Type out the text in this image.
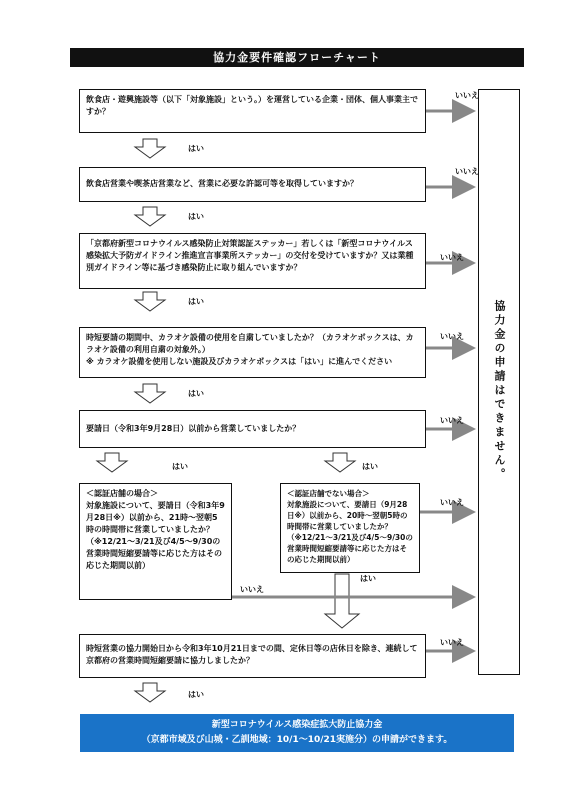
協力金要件確認フローチャート
いいえ
いいえ
いいえ
いいえ
いいえ
いいえ
いいえ
いいえ
はい
はい
はい
はい
はい	はい
はい
はい
飲食店・遊興施設等（以下「対象施設」という。）を運営している企業・団体、個人事業主ですか？
飲食店営業や喫茶店営業など、営業に必要な許認可等を取得していますか？
「京都府新型コロナウイルス感染防止対策認証ステッカー」若しくは「新型コロナウイルス感染拡大予防ガイドライン推進宣言事業所ステッカー」の交付を受けていますか？又は業種別ガイドライン等に基づき感染防止に取り組んでいますか？
時短要請の期間中、カラオケ設備の使用を自粛していましたか？（カラオケボックスは、カラオケ設備の利用自粛の対象外。）
※ カラオケ設備を使用しない施設及びカラオケボックスは「はい」に進んでください
要請日（令和3年9月28日）以前から営業していましたか？
＜認証店舗の場合＞
対象施設について、要請日（令和3年9月28日※）以前から、21時～翌朝5時の時間帯に営業していましたか？
（※12/21～3/21及び4/5～9/30の営業時間短縮要請等に応じた方はその応じた期間以前）
＜認証店舗でない場合＞
対象施設について、要請日（9月28日※）以前から、20時～翌朝5時の時間帯に営業していましたか？
（※12/21～3/21及び4/5～9/30の営業時間短縮要請等に応じた方はその応じた期間以前）
時短営業の協力開始日から令和3年10月21日までの間、定休日等の店休日を除き、連続して京都府の営業時間短縮要請に協力しましたか？
協力金の申請はできません。
新型コロナウイルス感染症拡大防止協力金
（京都市域及び山城・乙訓地域：10/1～10/21実施分）の申請ができます。
